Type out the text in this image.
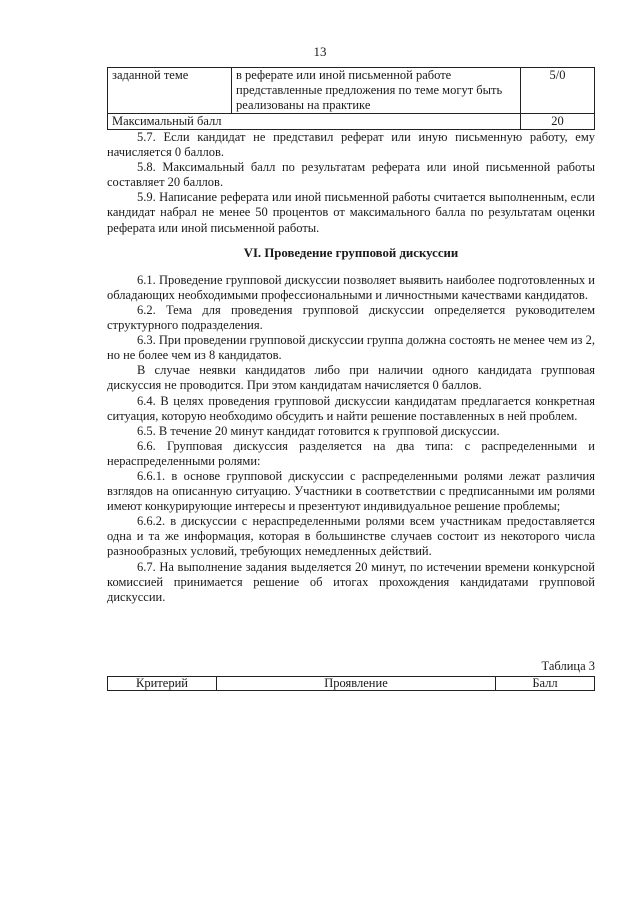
13
заданной теме	в реферате или иной письменной работе представленные предложения по теме могут быть реализованы на практике	5/0
Максимальный балл		20

5.7. Если кандидат не представил реферат или иную письменную работу, ему начисляется 0 баллов.

5.8. Максимальный балл по результатам реферата или иной письменной работы составляет 20 баллов.

5.9. Написание реферата или иной письменной работы считается выполненным, если кандидат набрал не менее 50 процентов от максимального балла по результатам оценки реферата или иной письменной работы.

VI. Проведение групповой дискуссии

6.1. Проведение групповой дискуссии позволяет выявить наиболее подготовленных и обладающих необходимыми профессиональными и личностными качествами кандидатов.

6.2. Тема для проведения групповой дискуссии определяется руководителем структурного подразделения.

6.3. При проведении групповой дискуссии группа должна состоять не менее чем из 2, но не более чем из 8 кандидатов.

В случае неявки кандидатов либо при наличии одного кандидата групповая дискуссия не проводится. При этом кандидатам начисляется 0 баллов.

6.4. В целях проведения групповой дискуссии кандидатам предлагается конкретная ситуация, которую необходимо обсудить и найти решение поставленных в ней проблем.

6.5. В течение 20 минут кандидат готовится к групповой дискуссии.

6.6. Групповая дискуссия разделяется на два типа: с распределенными и нераспределенными ролями:

6.6.1. в основе групповой дискуссии с распределенными ролями лежат различия взглядов на описанную ситуацию. Участники в соответствии с предписанными им ролями имеют конкурирующие интересы и презентуют индивидуальное решение проблемы;

6.6.2. в дискуссии с нераспределенными ролями всем участникам предоставляется одна и та же информация, которая в большинстве случаев состоит из некоторого числа разнообразных условий, требующих немедленных действий.

6.7. На выполнение задания выделяется 20 минут, по истечении времени конкурсной комиссией принимается решение об итогах прохождения кандидатами групповой дискуссии.

Таблица 3
Критерий	Проявление	Балл
